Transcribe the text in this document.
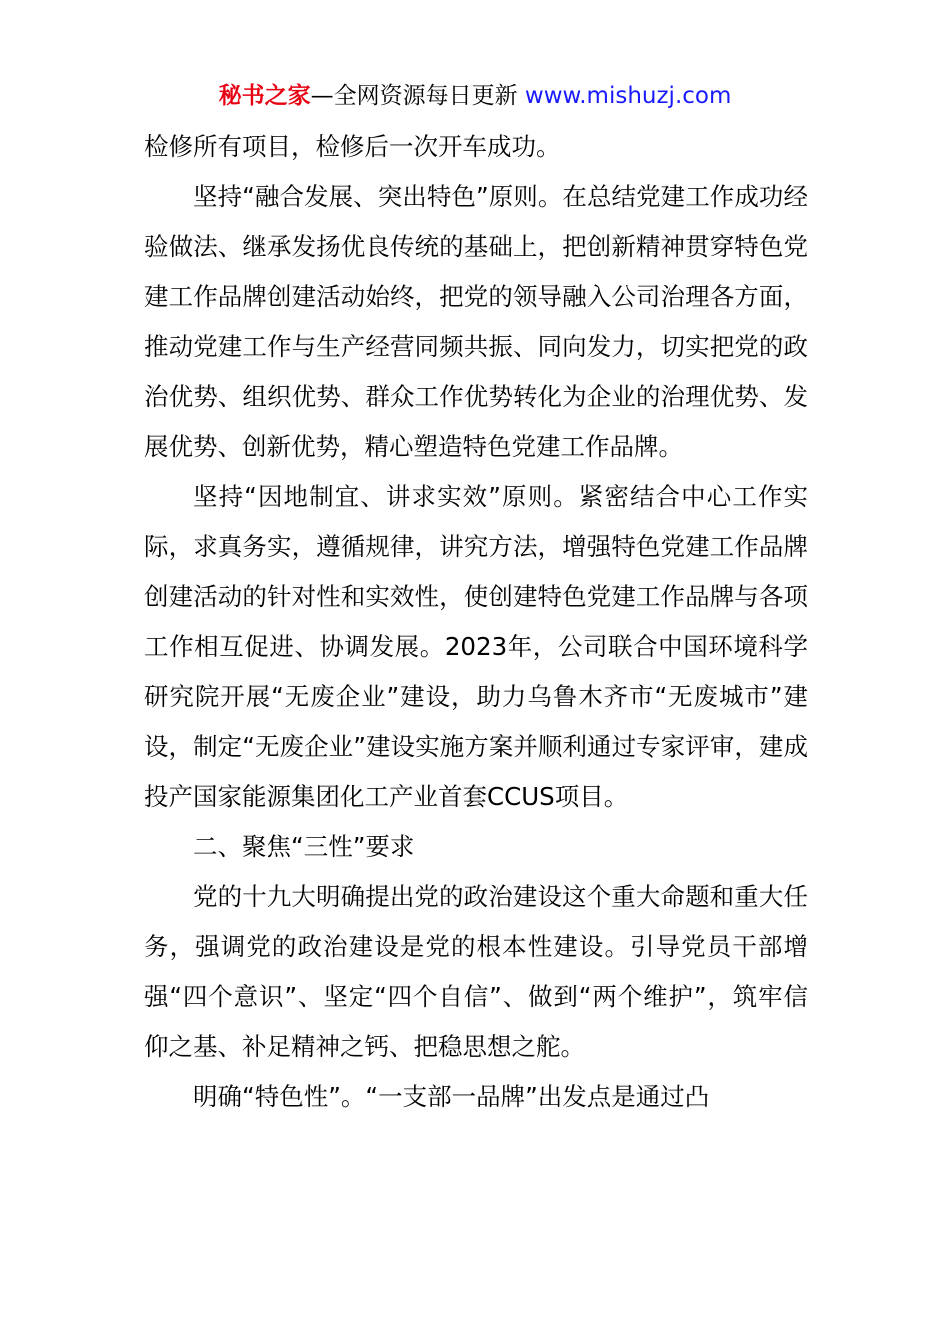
秘书之家—全网资源每日更新 www.mishuzj.com

检修所有项目，检修后一次开车成功。

坚持“融合发展、突出特色”原则。在总结党建工作成功经验做法、继承发扬优良传统的基础上，把创新精神贯穿特色党建工作品牌创建活动始终，把党的领导融入公司治理各方面，推动党建工作与生产经营同频共振、同向发力，切实把党的政治优势、组织优势、群众工作优势转化为企业的治理优势、发展优势、创新优势，精心塑造特色党建工作品牌。

坚持“因地制宜、讲求实效”原则。紧密结合中心工作实际，求真务实，遵循规律，讲究方法，增强特色党建工作品牌创建活动的针对性和实效性，使创建特色党建工作品牌与各项工作相互促进、协调发展。2023年，公司联合中国环境科学研究院开展“无废企业”建设，助力乌鲁木齐市“无废城市”建设，制定“无废企业”建设实施方案并顺利通过专家评审，建成投产国家能源集团化工产业首套CCUS项目。

二、聚焦“三性”要求

党的十九大明确提出党的政治建设这个重大命题和重大任务，强调党的政治建设是党的根本性建设。引导党员干部增强“四个意识”、坚定“四个自信”、做到“两个维护”，筑牢信仰之基、补足精神之钙、把稳思想之舵。

明确“特色性”。“一支部一品牌”出发点是通过凸
